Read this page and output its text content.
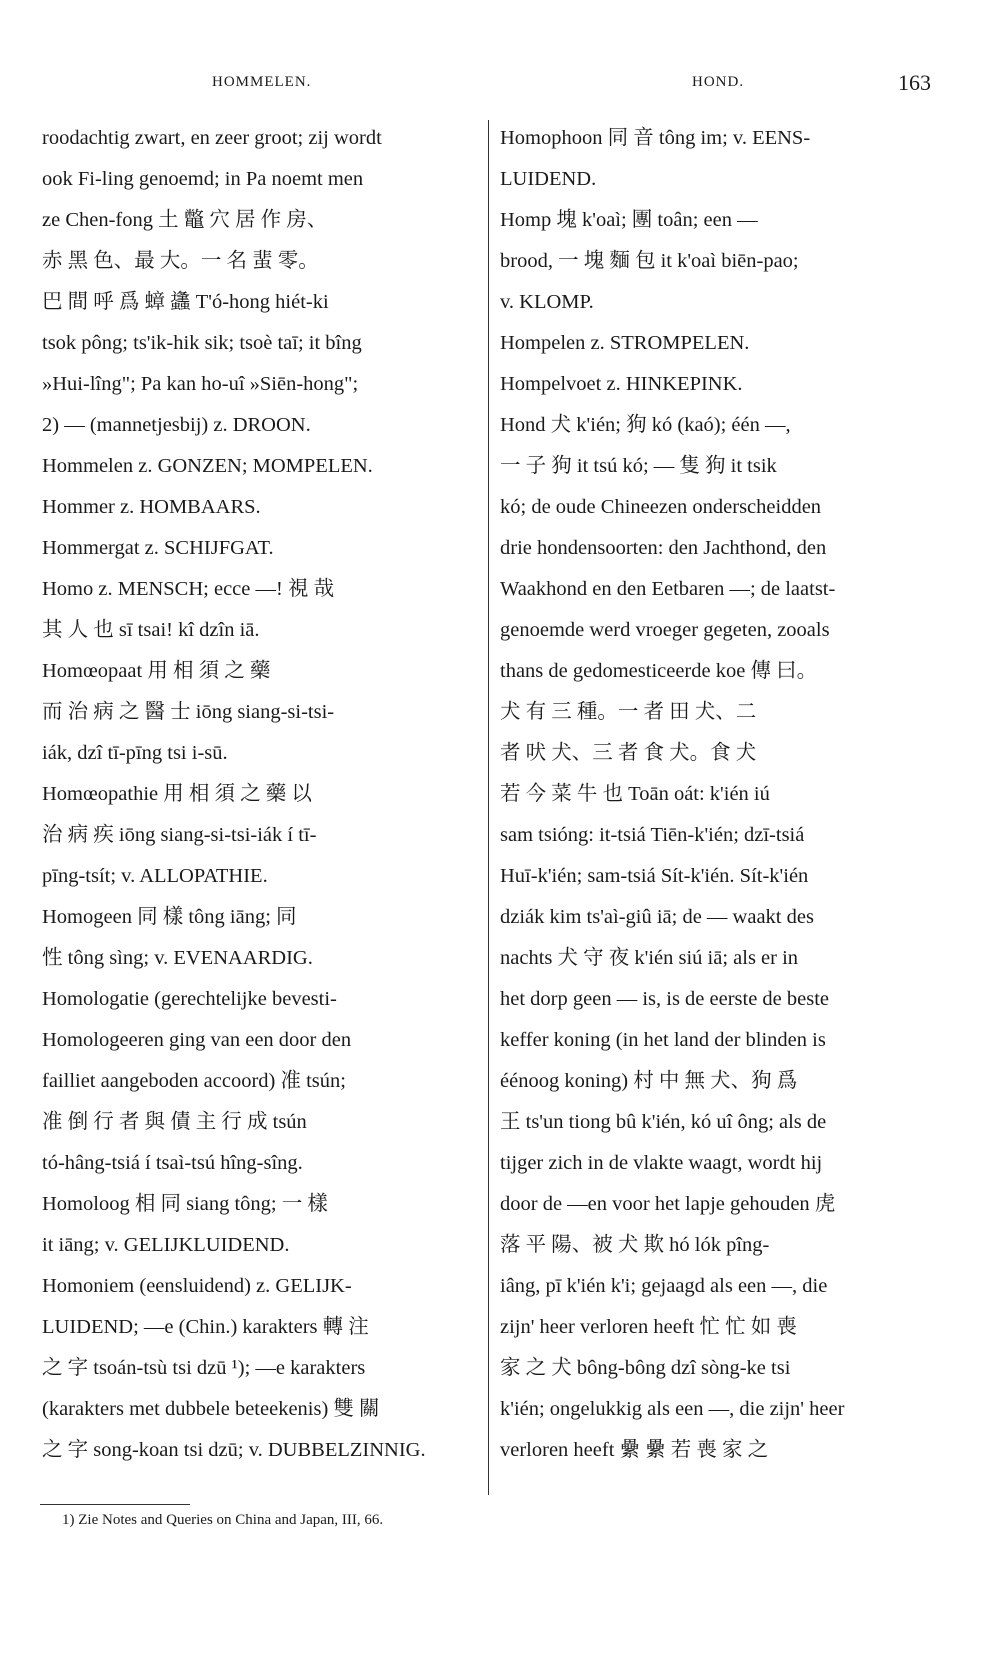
HOMMELEN.	HOND.	163
roodachtig zwart, en zeer groot; zij wordt
ook Fi-ling genoemd; in Pa noemt men
ze Chen-fong 土 鼈 穴 居 作 房、
赤 黑 色、最 大。一 名 蜚 零。
巴 間 呼 爲 蟑 蠭 T'ó-hong hiét-ki
tsok pông; ts'ik-hik sik; tsoè taī; it bîng
»Hui-lîng"; Pa kan ho-uî »Siēn-hong";
2) — (mannetjesbij) z. DROON.
Hommelen z. GONZEN; MOMPELEN.
Hommer z. HOMBAARS.
Hommergat z. SCHIJFGAT.
Homo z. MENSCH; ecce —! 視 哉
其 人 也 sī tsai! kî dzîn iā.
Homœopaat 用 相 須 之 藥
而 治 病 之 醫 士 iōng siang-si-tsi-
iák, dzî tī-pīng tsi i-sū.
Homœopathie 用 相 須 之 藥 以
治 病 疾 iōng siang-si-tsi-iák í tī-
pīng-tsít; v. ALLOPATHIE.
Homogeen 同 樣 tông iāng; 同
性 tông sìng; v. EVENAARDIG.
Homologatie (gerechtelijke bevesti-
Homologeeren ging van een door den
failliet aangeboden accoord) 准 tsún;
准 倒 行 者 與 債 主 行 成 tsún
tó-hâng-tsiá í tsaì-tsú hîng-sîng.
Homoloog 相 同 siang tông; 一 樣
it iāng; v. GELIJKLUIDEND.
Homoniem (eensluidend) z. GELIJK-
LUIDEND; —e (Chin.) karakters 轉 注
之 字 tsoán-tsù tsi dzū ¹); —e karakters
(karakters met dubbele beteekenis) 雙 關
之 字 song-koan tsi dzū; v. DUBBELZINNIG.
Homophoon 同 音 tông im; v. EENS-
LUIDEND.
Homp 塊 k'oaì; 團 toân; een —
brood, 一 塊 麵 包 it k'oaì biēn-pao;
v. KLOMP.
Hompelen z. STROMPELEN.
Hompelvoet z. HINKEPINK.
Hond 犬 k'ién; 狗 kó (kaó); één —,
一 子 狗 it tsú kó; — 隻 狗 it tsik
kó; de oude Chineezen onderscheidden
drie hondensoorten: den Jachthond, den
Waakhond en den Eetbaren —; de laatst-
genoemde werd vroeger gegeten, zooals
thans de gedomesticeerde koe 傳 曰。
犬 有 三 種。一 者 田 犬、二
者 吠 犬、三 者 食 犬。食 犬
若 今 菜 牛 也 Toān oát: k'ién iú
sam tsióng: it-tsiá Tiēn-k'ién; dzī-tsiá
Huī-k'ién; sam-tsiá Sít-k'ién. Sít-k'ién
dziák kim ts'aì-giû iā; de — waakt des
nachts 犬 守 夜 k'ién siú iā; als er in
het dorp geen — is, is de eerste de beste
keffer koning (in het land der blinden is
éénoog koning) 村 中 無 犬、狗 爲
王 ts'un tiong bû k'ién, kó uî ông; als de
tijger zich in de vlakte waagt, wordt hij
door de —en voor het lapje gehouden 虎
落 平 陽、被 犬 欺 hó lók pîng-
iâng, pī k'ién k'i; gejaagd als een —, die
zijn' heer verloren heeft 忙 忙 如 喪
家 之 犬 bông-bông dzî sòng-ke tsi
k'ién; ongelukkig als een —, die zijn' heer
verloren heeft 纍 纍 若 喪 家 之
1) Zie Notes and Queries on China and Japan, III, 66.
